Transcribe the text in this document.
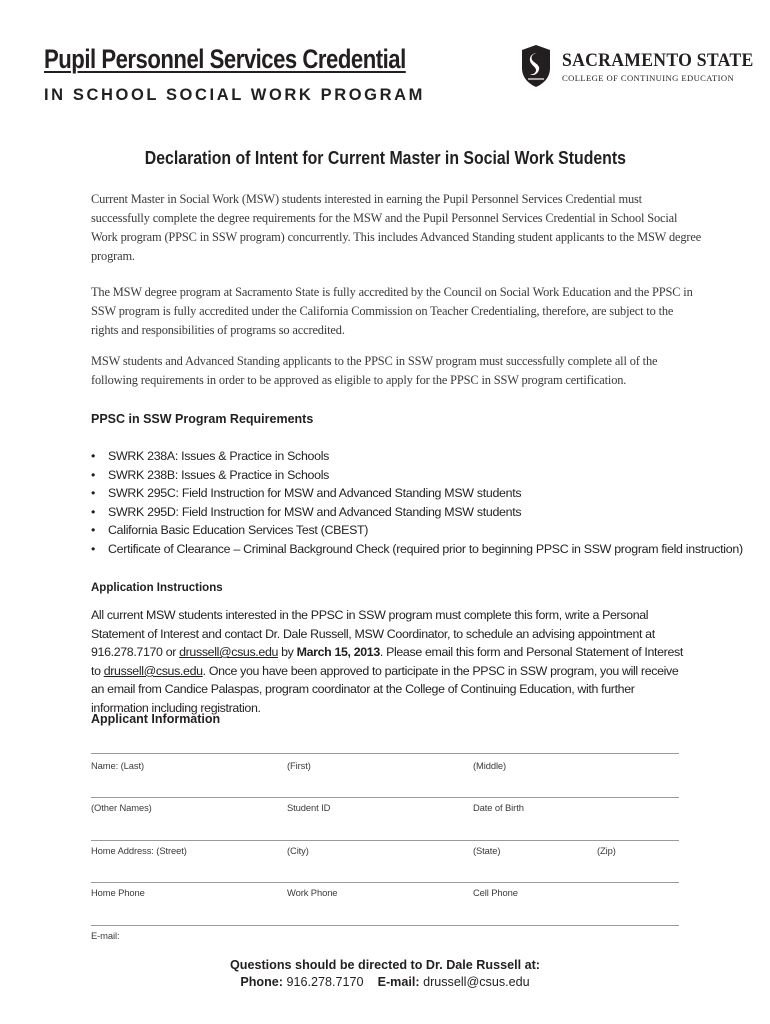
Pupil Personnel Services Credential
IN SCHOOL SOCIAL WORK PROGRAM
SACRAMENTO STATE
COLLEGE OF CONTINUING EDUCATION
Declaration of Intent for Current Master in Social Work Students

Current Master in Social Work (MSW) students interested in earning the Pupil Personnel Services Credential must successfully complete the degree requirements for the MSW and the Pupil Personnel Services Credential in School Social Work program (PPSC in SSW program) concurrently. This includes Advanced Standing student applicants to the MSW degree program.

The MSW degree program at Sacramento State is fully accredited by the Council on Social Work Education and the PPSC in SSW program is fully accredited under the California Commission on Teacher Credentialing, therefore, are subject to the rights and responsibilities of programs so accredited.

MSW students and Advanced Standing applicants to the PPSC in SSW program must successfully complete all of the following requirements in order to be approved as eligible to apply for the PPSC in SSW program certification.

PPSC in SSW Program Requirements
• SWRK 238A: Issues & Practice in Schools
• SWRK 238B: Issues & Practice in Schools
• SWRK 295C: Field Instruction for MSW and Advanced Standing MSW students
• SWRK 295D: Field Instruction for MSW and Advanced Standing MSW students
• California Basic Education Services Test (CBEST)
• Certificate of Clearance – Criminal Background Check (required prior to beginning PPSC in SSW program field instruction)
Application Instructions

All current MSW students interested in the PPSC in SSW program must complete this form, write a Personal Statement of Interest and contact Dr. Dale Russell, MSW Coordinator, to schedule an advising appointment at 916.278.7170 or drussell@csus.edu by March 15, 2013. Please email this form and Personal Statement of Interest to drussell@csus.edu. Once you have been approved to participate in the PPSC in SSW program, you will receive an email from Candice Palaspas, program coordinator at the College of Continuing Education, with further information including registration.

Applicant Information
Name: (Last)	(First)	(Middle)
(Other Names)	Student ID	Date of Birth
Home Address: (Street)	(City)	(State)	(Zip)
Home Phone	Work Phone	Cell Phone
E-mail:
Questions should be directed to Dr. Dale Russell at:
Phone: 916.278.7170 E-mail: drussell@csus.edu
